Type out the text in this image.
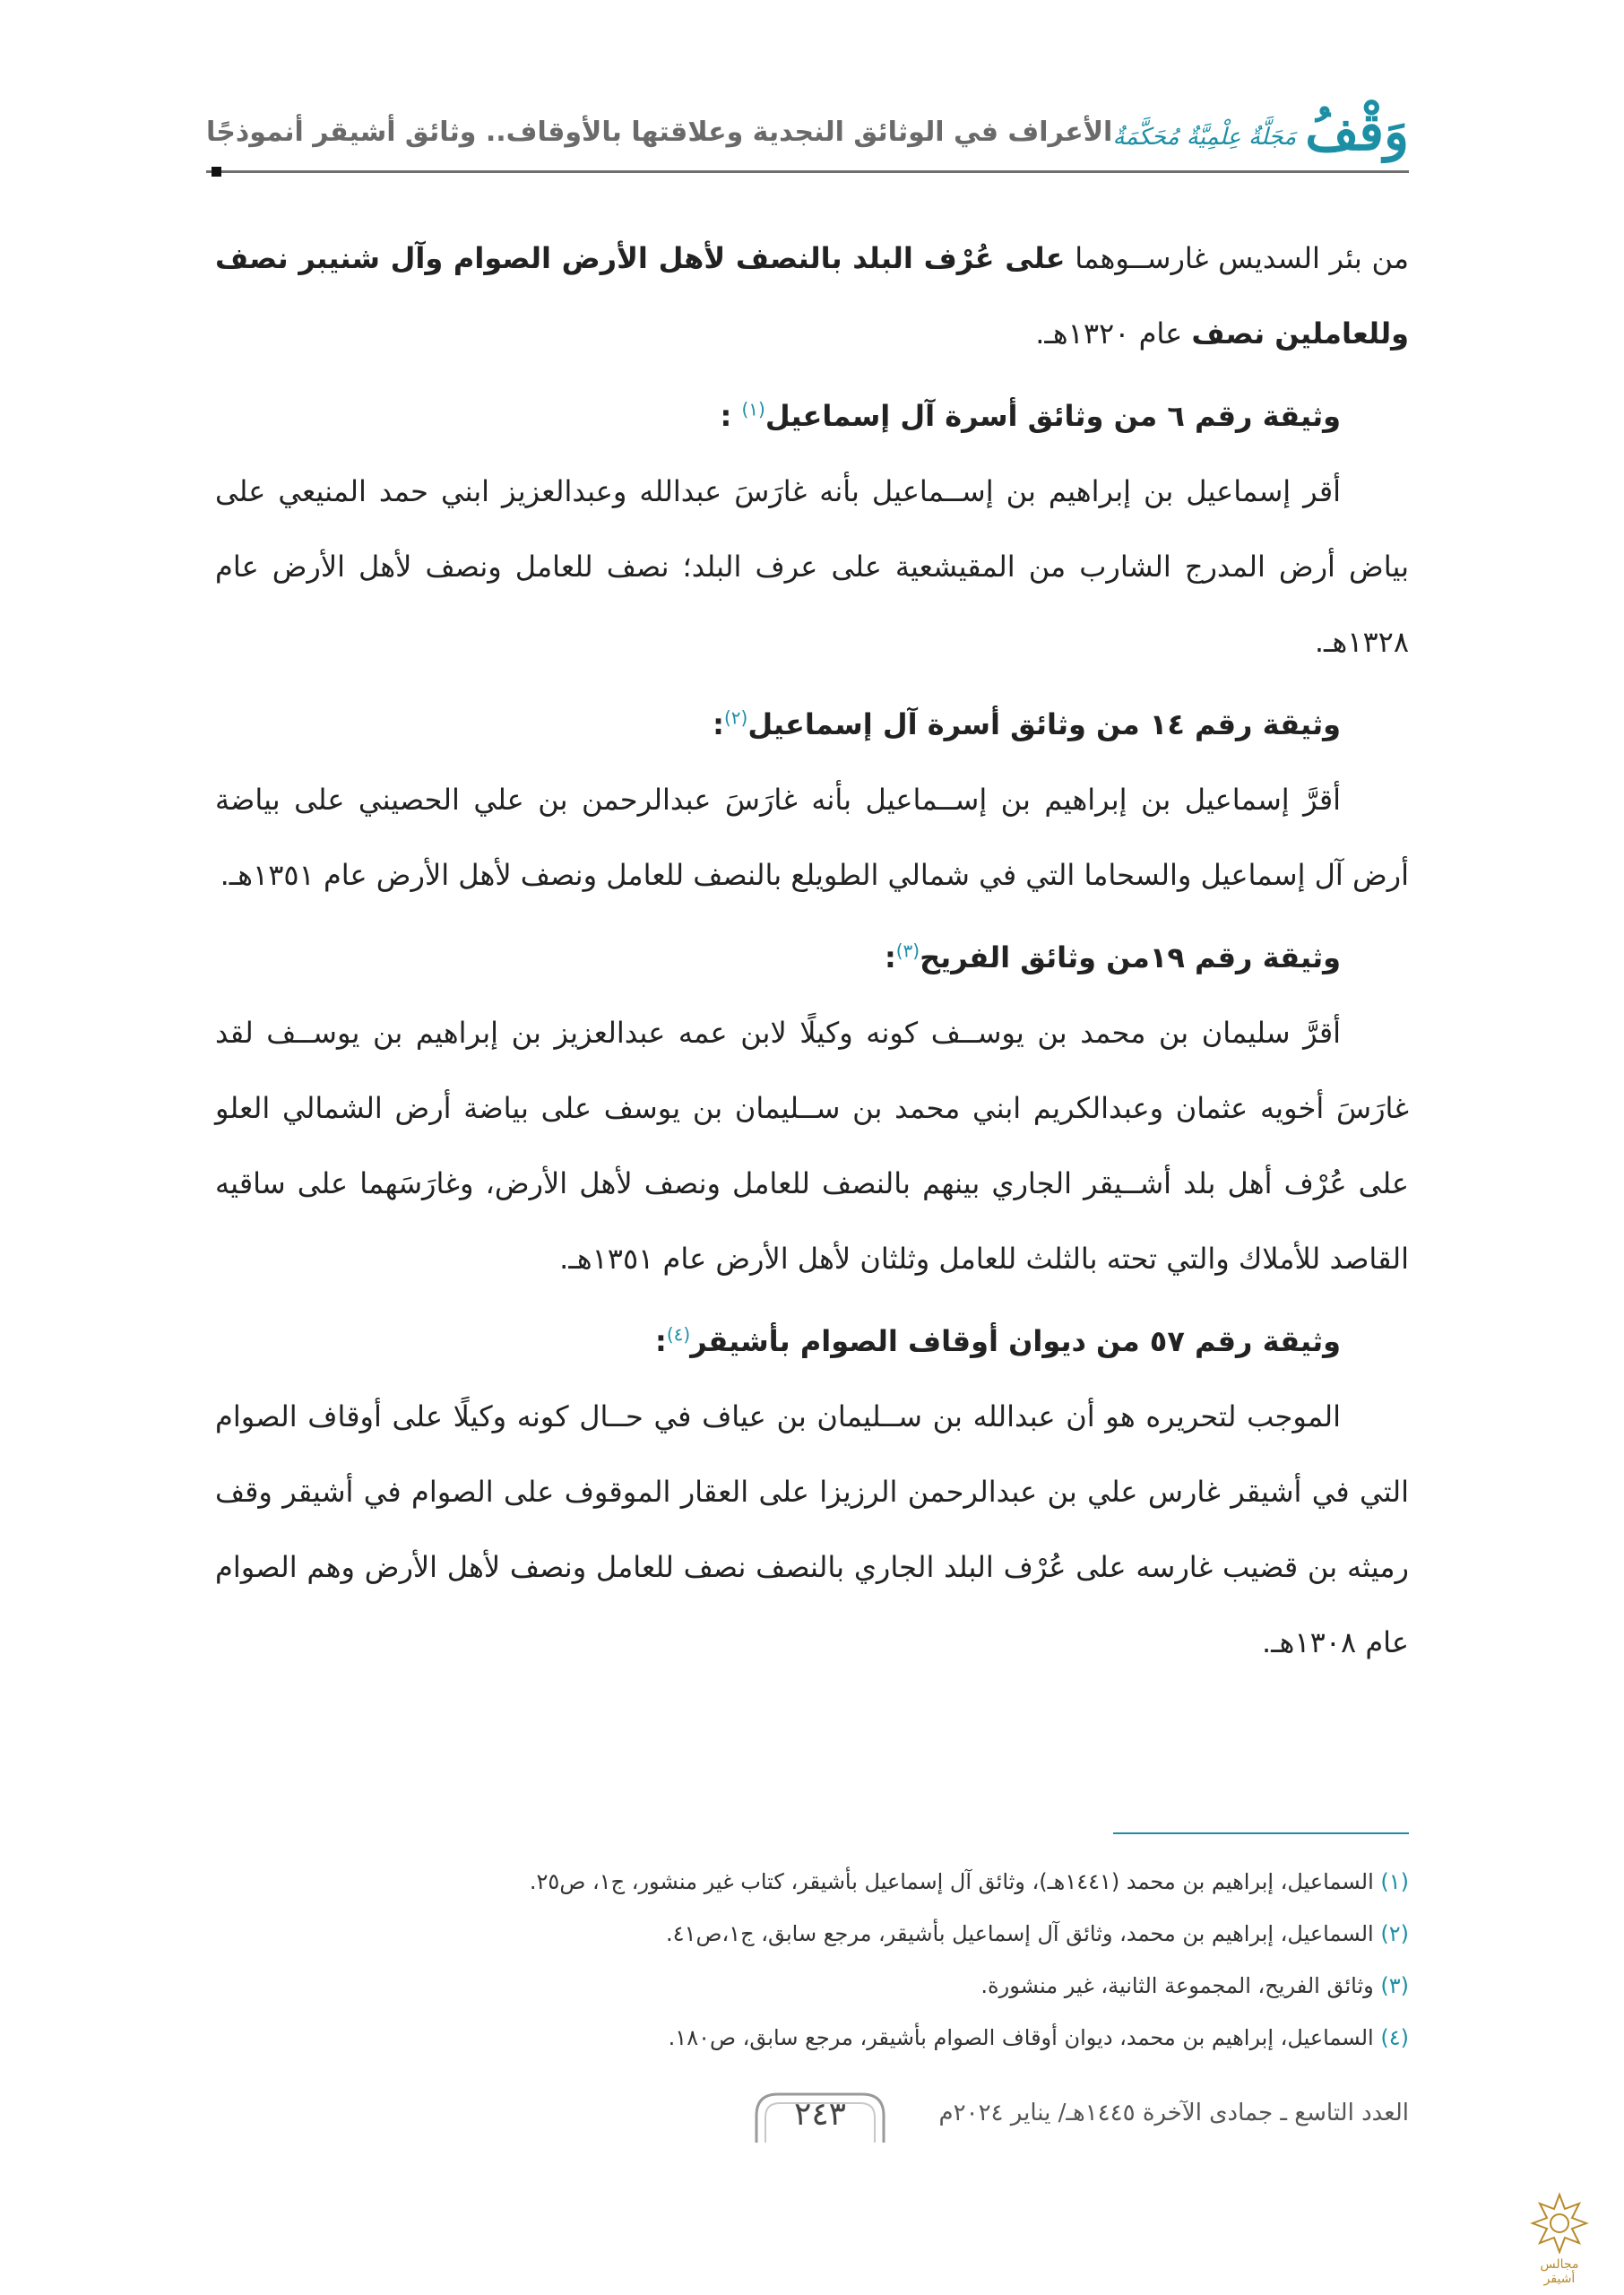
وَقْفُ
مَجَلَّةٌ عِلْمِيَّةٌ مُحَكَّمَةٌ
الأعراف في الوثائق النجدية وعلاقتها بالأوقاف.. وثائق أشيقر أنموذجًا

من بئر السديس غارســوهما على عُرْف البلد بالنصف لأهل الأرض الصوام وآل شنيبر نصف وللعاملين نصف عام ١٣٢٠هـ.

وثيقة رقم ٦ من وثائق أسرة آل إسماعيل$^{(١)}$ :

أقر إسماعيل بن إبراهيم بن إســماعيل بأنه غارَسَ عبدالله وعبدالعزيز ابني حمد المنيعي على بياض أرض المدرج الشارب من المقيشعية على عرف البلد؛ نصف للعامل ونصف لأهل الأرض عام ١٣٢٨هـ.

وثيقة رقم ١٤ من وثائق أسرة آل إسماعيل$^{(٢)}$:

أقرَّ إسماعيل بن إبراهيم بن إســماعيل بأنه غارَسَ عبدالرحمن بن علي الحصيني على بياضة أرض آل إسماعيل والسحاما التي في شمالي الطويلع بالنصف للعامل ونصف لأهل الأرض عام ١٣٥١هـ.

وثيقة رقم ١٩من وثائق الفريح$^{(٣)}$:

أقرَّ سليمان بن محمد بن يوســف كونه وكيلًا لابن عمه عبدالعزيز بن إبراهيم بن يوســف لقد غارَسَ أخويه عثمان وعبدالكريم ابني محمد بن ســليمان بن يوسف على بياضة أرض الشمالي العلو على عُرْف أهل بلد أشــيقر الجاري بينهم بالنصف للعامل ونصف لأهل الأرض، وغارَسَهما على ساقيه القاصد للأملاك والتي تحته بالثلث للعامل وثلثان لأهل الأرض عام ١٣٥١هـ.

وثيقة رقم ٥٧ من ديوان أوقاف الصوام بأشيقر$^{(٤)}$:

الموجب لتحريره هو أن عبدالله بن ســليمان بن عياف في حــال كونه وكيلًا على أوقاف الصوام التي في أشيقر غارس علي بن عبدالرحمن الرزيزا على العقار الموقوف على الصوام في أشيقر وقف رميثه بن قضيب غارسه على عُرْف البلد الجاري بالنصف نصف للعامل ونصف لأهل الأرض وهم الصوام عام ١٣٠٨هـ.

(١) السماعيل، إبراهيم بن محمد (١٤٤١هـ)، وثائق آل إسماعيل بأشيقر، كتاب غير منشور، ج١، ص٢٥.

(٢) السماعيل، إبراهيم بن محمد، وثائق آل إسماعيل بأشيقر، مرجع سابق، ج١،ص٤١.

(٣) وثائق الفريح، المجموعة الثانية، غير منشورة.

(٤) السماعيل، إبراهيم بن محمد، ديوان أوقاف الصوام بأشيقر، مرجع سابق، ص١٨٠.

العدد التاسع ـ جمادى الآخرة ١٤٤٥هـ/ يناير ٢٠٢٤م
٢٤٣
مجالس أشيقر
